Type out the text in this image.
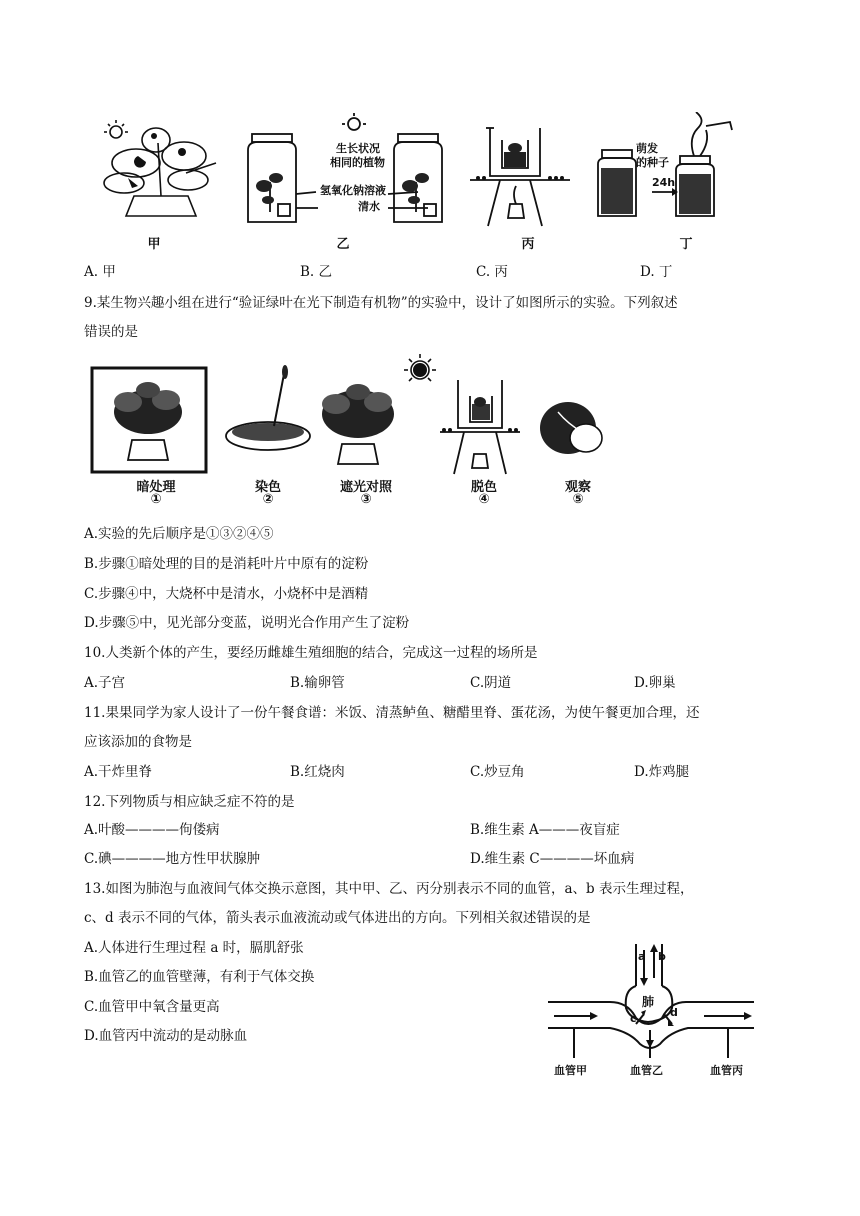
甲
生长状况
相同的植物
氢氧化钠溶液
清水
乙	丙
萌发
的种子
24h
丁
A. 甲	B. 乙	C. 丙	D. 丁
9.某生物兴趣小组在进行“验证绿叶在光下制造有机物”的实验中，设计了如图所示的实验。下列叙述
错误的是
暗处理
①
染色
②
遮光对照
③
脱色
④
观察
⑤
A.实验的先后顺序是①③②④⑤
B.步骤①暗处理的目的是消耗叶片中原有的淀粉
C.步骤④中，大烧杯中是清水，小烧杯中是酒精
D.步骤⑤中，见光部分变蓝，说明光合作用产生了淀粉
10.人类新个体的产生，要经历雌雄生殖细胞的结合，完成这一过程的场所是
A.子宫	B.输卵管	C.阴道	D.卵巢
11.果果同学为家人设计了一份午餐食谱：米饭、清蒸鲈鱼、糖醋里脊、蛋花汤，为使午餐更加合理，还
应该添加的食物是
A.干炸里脊	B.红烧肉	C.炒豆角	D.炸鸡腿
12.下列物质与相应缺乏症不符的是
A.叶酸————佝偻病	B.维生素 A———夜盲症
C.碘————地方性甲状腺肿	D.维生素 C————坏血病
13.如图为肺泡与血液间气体交换示意图，其中甲、乙、丙分别表示不同的血管，a、b 表示生理过程，
c、d 表示不同的气体，箭头表示血液流动或气体进出的方向。下列相关叙述错误的是
A.人体进行生理过程 a 时，膈肌舒张
B.血管乙的血管壁薄，有利于气体交换
C.血管甲中氧含量更高
D.血管丙中流动的是动脉血
a b
肺
c	d
血管甲	血管乙	血管丙
